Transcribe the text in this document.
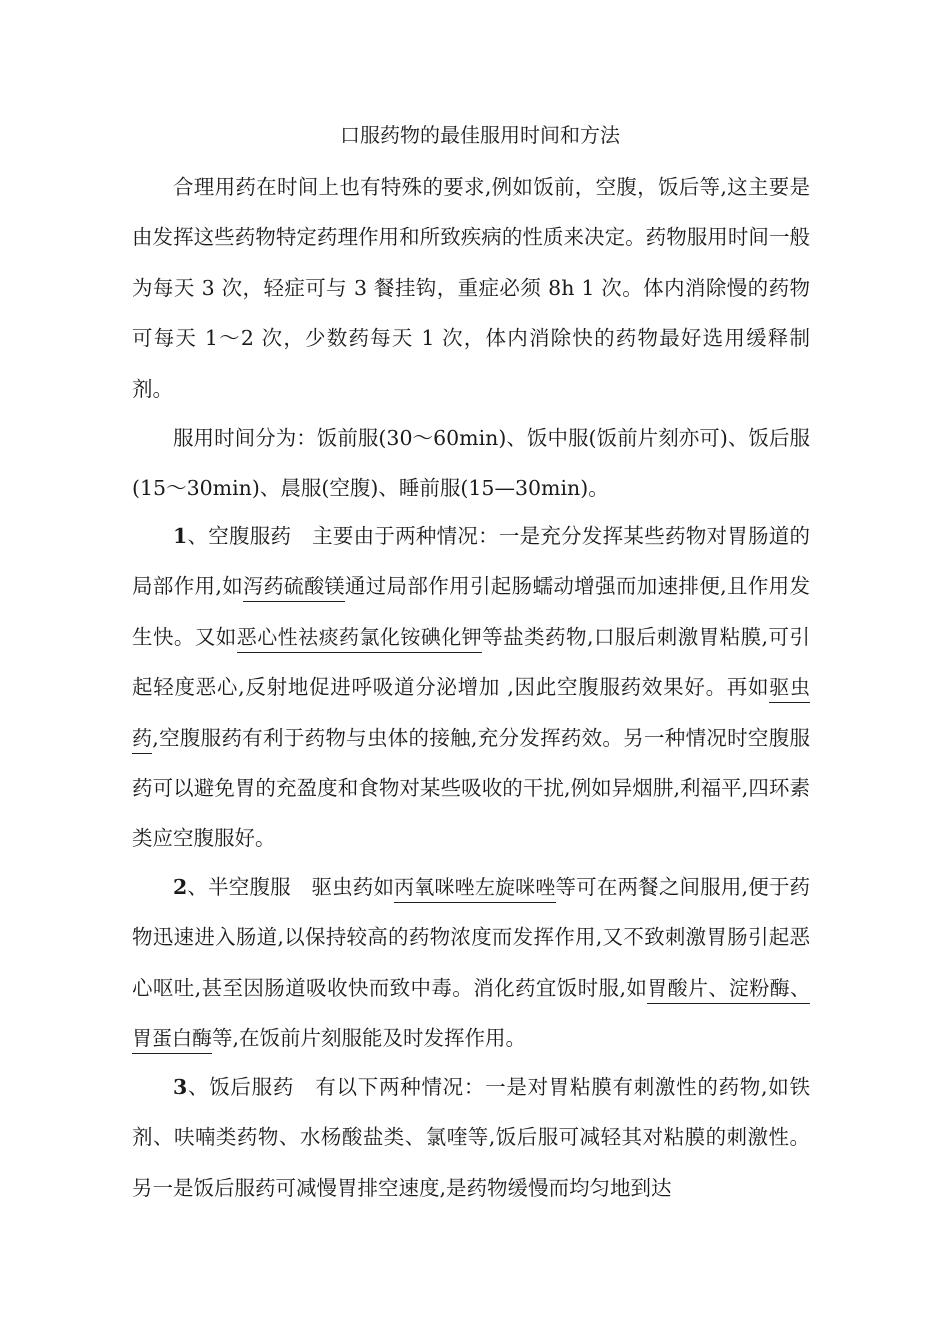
口服药物的最佳服用时间和方法

合理用药在时间上也有特殊的要求,例如饭前，空腹，饭后等,这主要是由发挥这些药物特定药理作用和所致疾病的性质来决定。药物服用时间一般为每天 3 次，轻症可与 3 餐挂钩，重症必须 8h 1 次。体内消除慢的药物可每天 1～2 次，少数药每天 1 次，体内消除快的药物最好选用缓释制剂。

服用时间分为：饭前服(30～60min)、饭中服(饭前片刻亦可)、饭后服(15～30min)、晨服(空腹)、睡前服(15—30min)。

1、空腹服药　主要由于两种情况：一是充分发挥某些药物对胃肠道的局部作用,如泻药硫酸镁通过局部作用引起肠蠕动增强而加速排便,且作用发生快。又如恶心性祛痰药氯化铵碘化钾等盐类药物,口服后刺激胃粘膜,可引起轻度恶心,反射地促进呼吸道分泌增加 ,因此空腹服药效果好。再如驱虫药,空腹服药有利于药物与虫体的接触,充分发挥药效。另一种情况时空腹服药可以避免胃的充盈度和食物对某些吸收的干扰,例如异烟肼,利福平,四环素类应空腹服好。

2、半空腹服　驱虫药如丙氧咪唑左旋咪唑等可在两餐之间服用,便于药物迅速进入肠道,以保持较高的药物浓度而发挥作用,又不致刺激胃肠引起恶心呕吐,甚至因肠道吸收快而致中毒。消化药宜饭时服,如胃酸片、淀粉酶、胃蛋白酶等,在饭前片刻服能及时发挥作用。

3、饭后服药　有以下两种情况：一是对胃粘膜有刺激性的药物,如铁剂、呋喃类药物、水杨酸盐类、氯喹等,饭后服可减轻其对粘膜的刺激性。另一是饭后服药可减慢胃排空速度,是药物缓慢而均匀地到达
